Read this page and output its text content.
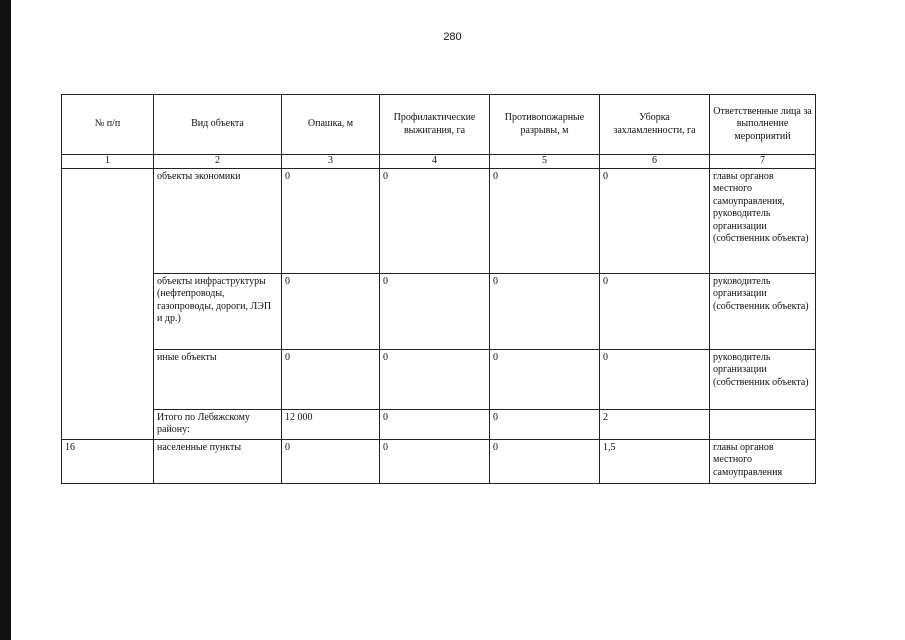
280
№ п/п	Вид объекта	Опашка, м	Профилактические выжигания, га	Противопожарные разрывы, м	Уборка захламленности, га	Ответственные лица за выполнение мероприятий
1	2	3	4	5	6	7
	объекты экономики	0	0	0	0	главы органов местного самоуправления, руководитель организации (собственник объекта)
	объекты инфраструктуры (нефтепроводы, газопроводы, дороги, ЛЭП и др.)	0	0	0	0	руководитель организации (собственник объекта)
	иные объекты	0	0	0	0	руководитель организации (собственник объекта)
	Итого по Лебяжскому району:	12 000	0	0	2	
16	населенные пункты	0	0	0	1,5	главы органов местного самоуправления
